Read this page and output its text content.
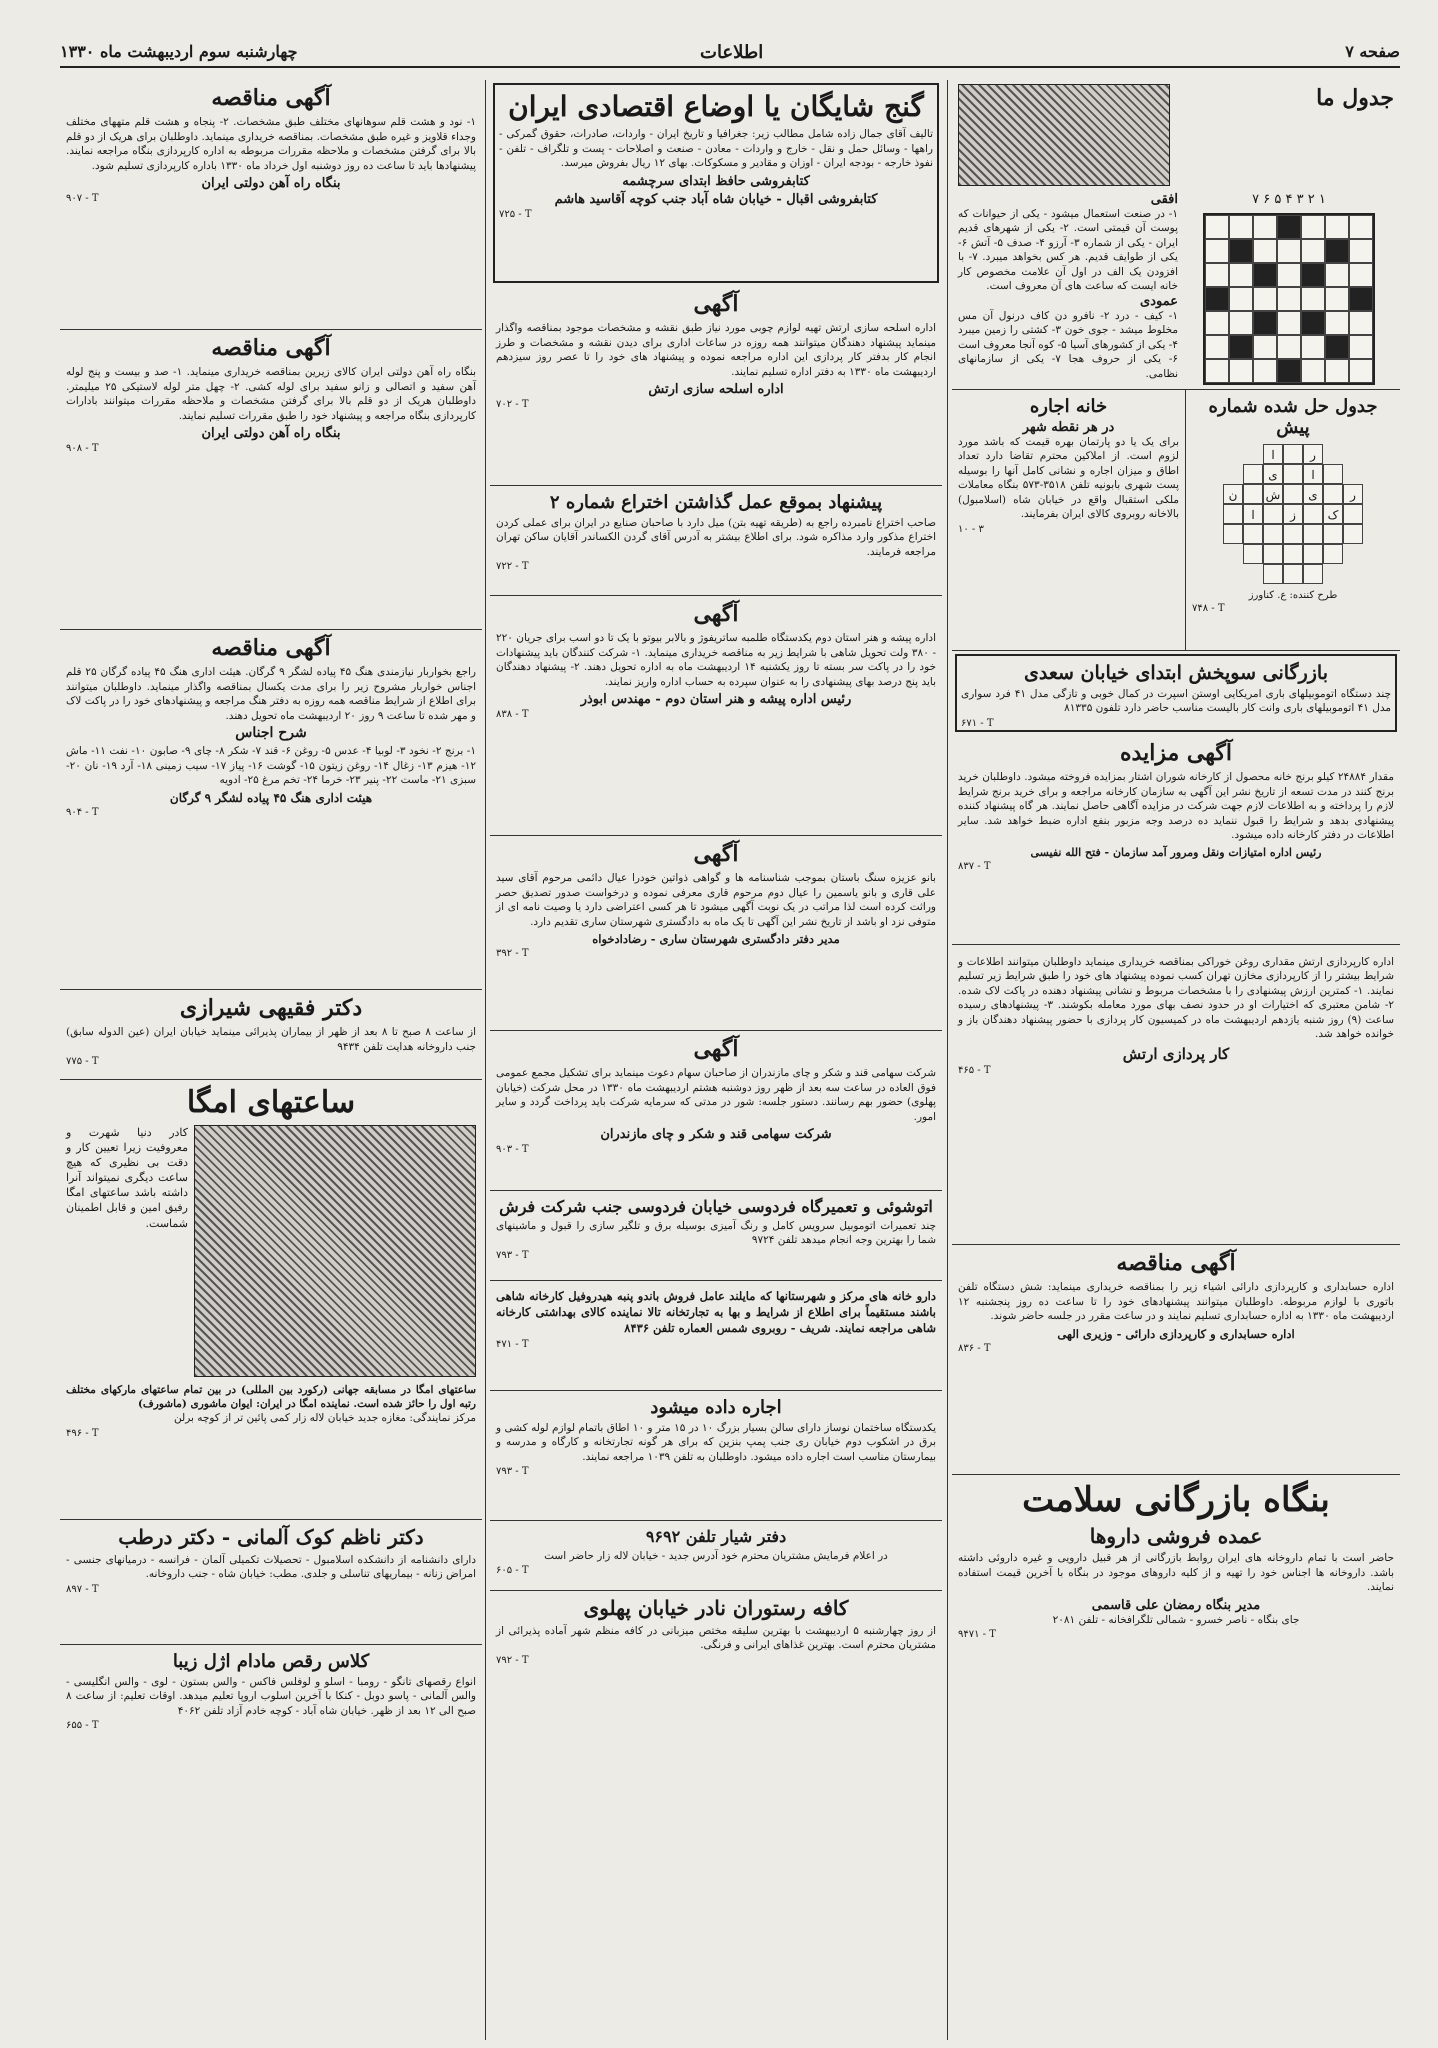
صفحه ۷
اطلاعات
چهارشنبه سوم اردیبهشت ماه ۱۳۳۰
جدول ما
۷ ۶ ۵ ۴ ۳ ۲ ۱
افقی

۱- در صنعت استعمال میشود - یکی از حیوانات که پوست آن قیمتی است. ۲- یکی از شهرهای قدیم ایران - یکی از شماره ۳- آرزو ۴- صدف ۵- آتش ۶- یکی از طوایف قدیم. هر کس بخواهد میبرد. ۷- با افزودن یک الف در اول آن علامت مخصوص کار خانه ایست که ساعت های آن معروف است.

عمودی

۱- کیف - درد ۲- نافرو دن کاف درنول آن مس مخلوط میشد - جوی خون ۳- کشتی را زمین میبرد ۴- یکی از کشورهای آسیا ۵- کوه آنجا معروف است ۶- یکی از حروف هجا ۷- یکی از سازمانهای نظامی.

جدول حل شده شماره پیش
ا	ر
ی	ا
ن	ش	ی	ر
ا	ز	ک
طرح کننده: ع. کناورز
۷۴۸ - T
خانه اجاره
در هر نقطه شهر

برای یک یا دو پارتمان بهره قیمت که باشد مورد لزوم است. از املاکین محترم تقاضا دارد تعداد اطاق و میزان اجاره و نشانی کامل آنها را بوسیله پست شهری بابونیه تلفن ۳۵۱۸-۵۷۳ بنگاه معاملات ملکی استقبال واقع در خیابان شاه (اسلامبول) بالاخانه روبروی کالای ایران بفرمایند.

۱۰ - ۳
بازرگانی سوپخش ابتدای خیابان سعدی

چند دستگاه اتوموبیلهای باری امریکایی اوستن اسپرت در کمال خوبی و تازگی مدل ۴۱ فرد سواری مدل ۴۱ اتوموبیلهای باری وانت کار بالیست مناسب حاضر دارد تلفون ۸۱۳۳۵

۶۷۱ - T
آگهی مزایده

مقدار ۲۴۸۸۴ کیلو برنج خانه محصول از کارخانه شوران اشتار بمزایده فروخته میشود. داوطلبان خرید برنج کنند در مدت تسعه از تاریخ نشر این آگهی به سازمان کارخانه مراجعه و برای خرید برنج شرایط لازم را پرداخته و به اطلاعات لازم جهت شرکت در مزایده آگاهی حاصل نمایند. هر گاه پیشنهاد کننده پیشنهادی بدهد و شرایط را قبول ننماید ده درصد وجه مزبور بنفع اداره ضبط خواهد شد. سایر اطلاعات در دفتر کارخانه داده میشود.

رئیس اداره امتیازات ونقل ومرور آمد سازمان - فتح الله نفیسی
۸۳۷ - T

اداره کارپردازی ارتش مقداری روغن خوراکی بمناقصه خریداری مینماید داوطلبان میتوانند اطلاعات و شرایط بیشتر را از کارپردازی مخازن تهران کسب نموده پیشنهاد های خود را طبق شرایط زیر تسلیم نمایند. ۱- کمترین ارزش پیشنهادی را با مشخصات مربوط و نشانی پیشنهاد دهنده در پاکت لاک شده. ۲- شامن معتبری که اختیارات او در حدود نصف بهای مورد معامله بکوشند. ۳- پیشنهادهای رسیده ساعت (۹) روز شنبه یازدهم اردیبهشت ماه در کمیسیون کار پردازی با حضور پیشنهاد دهندگان باز و خوانده خواهد شد.

کار پردازی ارتش
۴۶۵ - T
آگهی مناقصه

اداره حسابداری و کارپردازی دارائی اشیاء زیر را بمناقصه خریداری مینماید: شش دستگاه تلفن باتوری با لوازم مربوطه. داوطلبان میتوانند پیشنهادهای خود را تا ساعت ده روز پنجشنبه ۱۲ اردیبهشت ماه ۱۳۳۰ به اداره حسابداری تسلیم نمایند و در ساعت مقرر در جلسه حاضر شوند.

اداره حسابداری و کارپردازی دارائی - وزیری الهی
۸۳۶ - T
بنگاه بازرگانی سلامت
عمده فروشی داروها

حاضر است با تمام داروخانه های ایران روابط بازرگانی از هر قبیل دارویی و غیره داروئی داشته باشد. داروخانه ها اجناس خود را تهیه و از کلیه داروهای موجود در بنگاه با آخرین قیمت استفاده نمایند.

مدیر بنگاه رمضان علی قاسمی

جای بنگاه - ناصر خسرو - شمالی تلگرافخانه - تلفن ۲۰۸۱

۹۴۷۱ - T
گنج شایگان یا اوضاع اقتصادی ایران

تالیف آقای جمال زاده شامل مطالب زیر: جغرافیا و تاریخ ایران - واردات، صادرات، حقوق گمرکی - راهها - وسائل حمل و نقل - خارج و واردات - معادن - صنعت و اصلاحات - پست و تلگراف - تلفن - نفوذ خارجه - بودجه ایران - اوزان و مقادیر و مسکوکات. بهای ۱۲ ریال بفروش میرسد.

کتابفروشی حافظ ابتدای سرچشمه
کتابفروشی اقبال - خیابان شاه آباد جنب کوچه آقاسید هاشم
۷۲۵ - T
آگهی

اداره اسلحه سازی ارتش تهیه لوازم چوبی مورد نیاز طبق نقشه و مشخصات موجود بمناقصه واگذار مینماید پیشنهاد دهندگان میتوانند همه روزه در ساعات اداری برای دیدن نقشه و مشخصات و طرز انجام کار بدفتر کار پردازی این اداره مراجعه نموده و پیشنهاد های خود را تا عصر روز سیزدهم اردیبهشت ماه ۱۳۳۰ به دفتر اداره تسلیم نمایند.

اداره اسلحه سازی ارتش
۷۰۲ - T
پیشنهاد بموقع عمل گذاشتن اختراع شماره ۲

صاحب اختراع نامبرده راجع به (طریقه تهیه بتن) میل دارد با صاحبان صنایع در ایران برای عملی کردن اختراع مذکور وارد مذاکره شود. برای اطلاع بیشتر به آدرس آقای گردن الکساندر آقایان ساکن تهران مراجعه فرمایند.

۷۲۲ - T
آگهی

اداره پیشه و هنر استان دوم یکدستگاه طلمبه ساتریفوژ و بالابر بیوتو با یک تا دو اسب برای جریان ۲۲۰ - ۳۸۰ ولت تحویل شاهی با شرایط زیر به مناقصه خریداری مینماید. ۱- شرکت کنندگان باید پیشنهادات خود را در پاکت سر بسته تا روز یکشنبه ۱۴ اردیبهشت ماه به اداره تحویل دهند. ۲- پیشنهاد دهندگان باید پنج درصد بهای پیشنهادی را به عنوان سپرده به حساب اداره واریز نمایند.

رئیس اداره پیشه و هنر استان دوم - مهندس ابوذر
۸۳۸ - T
آگهی

بانو عزیزه سنگ باستان بموجب شناسنامه ها و گواهی ذواتین خودرا عیال دائمی مرحوم آقای سید علی قاری و بانو یاسمین را عیال دوم مرحوم قاری معرفی نموده و درخواست صدور تصدیق حصر وراثت کرده است لذا مراتب در یک نوبت آگهی میشود تا هر کسی اعتراضی دارد یا وصیت نامه ای از متوفی نزد او باشد از تاریخ نشر این آگهی تا یک ماه به دادگستری شهرستان ساری تقدیم دارد.

مدیر دفتر دادگستری شهرستان ساری - رضادادخواه
۳۹۲ - T
آگهی

شرکت سهامی قند و شکر و چای مازندران از صاحبان سهام دعوت مینماید برای تشکیل مجمع عمومی فوق العاده در ساعت سه بعد از ظهر روز دوشنبه هشتم اردیبهشت ماه ۱۳۳۰ در محل شرکت (خیابان پهلوی) حضور بهم رسانند. دستور جلسه: شور در مدتی که سرمایه شرکت باید پرداخت گردد و سایر امور.

شرکت سهامی قند و شکر و چای مازندران
۹۰۳ - T
اتوشوئی و تعمیرگاه فردوسی خیابان فردوسی جنب شرکت فرش

چند تعمیرات اتوموبیل سرویس کامل و رنگ آمیزی بوسیله برق و تلگیر سازی را قبول و ماشینهای شما را بهترین وجه انجام میدهد تلفن ۹۷۲۴

۷۹۳ - T

دارو خانه های مرکز و شهرستانها که مایلند عامل فروش باندو پنبه هیدروفیل کارخانه شاهی باشند مستقیماً برای اطلاع از شرایط و بها به تجارتخانه تالا نماینده کالای بهداشتی کارخانه شاهی مراجعه نمایند. شریف - روبروی شمس العماره تلفن ۸۴۳۶

۴۷۱ - T
اجاره داده میشود

یکدستگاه ساختمان نوساز دارای سالن بسیار بزرگ ۱۰ در ۱۵ متر و ۱۰ اطاق باتمام لوازم لوله کشی و برق در اشکوب دوم خیابان ری جنب پمپ بنزین که برای هر گونه تجارتخانه و کارگاه و مدرسه و بیمارستان مناسب است اجاره داده میشود. داوطلبان به تلفن ۱۰۳۹ مراجعه نمایند.

۷۹۳ - T
دفتر شیار تلفن ۹۶۹۲

در اعلام فرمایش مشتریان محترم خود آدرس جدید - خیابان لاله زار حاضر است

۶۰۵ - T
کافه رستوران نادر خیابان پهلوی

از روز چهارشنبه ۵ اردیبهشت با بهترین سلیقه مختص میزبانی در کافه منظم شهر آماده پذیرائی از مشتریان محترم است. بهترین غذاهای ایرانی و فرنگی.

۷۹۲ - T
آگهی مناقصه

۱- نود و هشت قلم سوهانهای مختلف طبق مشخصات. ۲- پنجاه و هشت قلم متههای مختلف وجداء قلاویز و غیره طبق مشخصات. بمناقصه خریداری مینماید. داوطلبان برای هریک از دو قلم بالا برای گرفتن مشخصات و ملاحظه مقررات مربوطه به اداره کارپردازی بنگاه مراجعه نمایند. پیشنهادها باید تا ساعت ده روز دوشنبه اول خرداد ماه ۱۳۳۰ باداره کارپردازی تسلیم شود.

بنگاه راه آهن دولتی ایران
۹۰۷ - T
آگهی مناقصه

بنگاه راه آهن دولتی ایران کالای زیرین بمناقصه خریداری مینماید. ۱- صد و بیست و پنج لوله آهن سفید و اتصالی و زانو سفید برای لوله کشی. ۲- چهل متر لوله لاستیکی ۲۵ میلیمتر. داوطلبان هریک از دو قلم بالا برای گرفتن مشخصات و ملاحظه مقررات میتوانند بادارات کارپردازی بنگاه مراجعه و پیشنهاد خود را طبق مقررات تسلیم نمایند.

بنگاه راه آهن دولتی ایران
۹۰۸ - T
آگهی مناقصه

راجع بخواربار نیازمندی هنگ ۴۵ پیاده لشگر ۹ گرگان. هیئت اداری هنگ ۴۵ پیاده گرگان ۲۵ قلم اجناس خواربار مشروح زیر را برای مدت یکسال بمناقصه واگذار مینماید. داوطلبان میتوانند برای اطلاع از شرایط مناقصه همه روزه به دفتر هنگ مراجعه و پیشنهادهای خود را در پاکت لاک و مهر شده تا ساعت ۹ روز ۲۰ اردیبهشت ماه تحویل دهند.

شرح اجناس

۱- برنج ۲- نخود ۳- لوبیا ۴- عدس ۵- روغن ۶- قند ۷- شکر ۸- چای ۹- صابون ۱۰- نفت ۱۱- ماش ۱۲- هیزم ۱۳- زغال ۱۴- روغن زیتون ۱۵- گوشت ۱۶- پیاز ۱۷- سیب زمینی ۱۸- آرد ۱۹- نان ۲۰- سبزی ۲۱- ماست ۲۲- پنیر ۲۳- خرما ۲۴- تخم مرغ ۲۵- ادویه

هیئت اداری هنگ ۴۵ پیاده لشگر ۹ گرگان
۹۰۴ - T
دکتر فقیهی شیرازی

از ساعت ۸ صبح تا ۸ بعد از ظهر از بیماران پذیرائی مینماید خیابان ایران (عین الدوله سابق) جنب داروخانه هدایت تلفن ۹۴۳۴

۷۷۵ - T
ساعتهای امگا

کادر دنیا شهرت و معروفیت زیرا تعیین کار و دقت بی نظیری که هیچ ساعت دیگری نمیتواند آنرا داشته باشد ساعتهای امگا رفیق امین و قابل اطمینان شماست.

ساعتهای امگا در مسابقه جهانی (رکورد بین المللی) در بین تمام ساعتهای مارکهای مختلف رتبه اول را حائز شده است. نماینده امگا در ایران: ایوان ماشوری (ماشورف)

مرکز نمایندگی: مغازه جدید خیابان لاله زار کمی پائین تر از کوچه برلن

۴۹۶ - T
دکتر ناظم کوک آلمانی - دکتر درطب

دارای دانشنامه از دانشکده اسلامبول - تحصیلات تکمیلی آلمان - فرانسه - درمیانهای جنسی - امراض زنانه - بیماریهای تناسلی و جلدی. مطب: خیابان شاه - جنب داروخانه.

۸۹۷ - T
کلاس رقص مادام اژل زیبا

انواع رقصهای تانگو - رومبا - اسلو و لوفلس فاکس - والس بستون - لوی - والس انگلیسی - والس آلمانی - پاسو دوبل - کنکا با آخرین اسلوب اروپا تعلیم میدهد. اوقات تعلیم: از ساعت ۸ صبح الی ۱۲ بعد از ظهر. خیابان شاه آباد - کوچه خادم آزاد تلفن ۴۰۶۲

۶۵۵ - T
